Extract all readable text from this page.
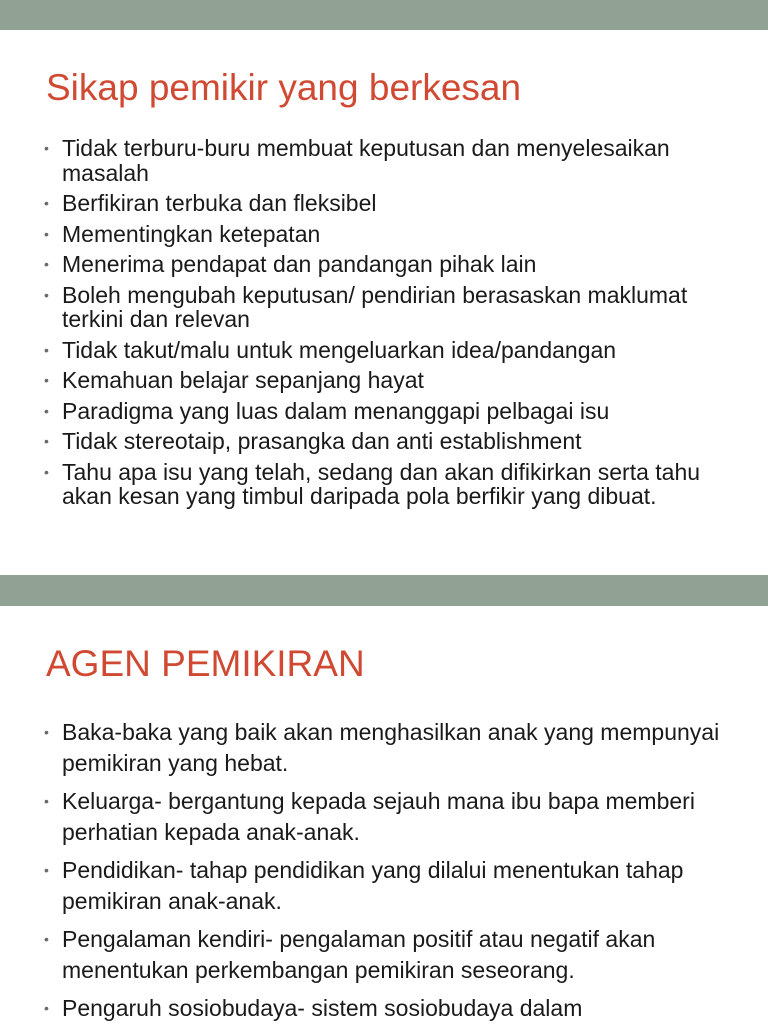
Sikap pemikir yang berkesan
• Tidak terburu-buru membuat keputusan dan menyelesaikan masalah
• Berfikiran terbuka dan fleksibel
• Mementingkan ketepatan
• Menerima pendapat dan pandangan pihak lain
• Boleh mengubah keputusan/ pendirian berasaskan maklumat terkini dan relevan
• Tidak takut/malu untuk mengeluarkan idea/pandangan
• Kemahuan belajar sepanjang hayat
• Paradigma yang luas dalam menanggapi pelbagai isu
• Tidak stereotaip, prasangka dan anti establishment
• Tahu apa isu yang telah, sedang dan akan difikirkan serta tahu akan kesan yang timbul daripada pola berfikir yang dibuat.
AGEN PEMIKIRAN
• Baka-baka yang baik akan menghasilkan anak yang mempunyai pemikiran yang hebat.
• Keluarga- bergantung kepada sejauh mana ibu bapa memberi perhatian kepada anak-anak.
• Pendidikan- tahap pendidikan yang dilalui menentukan tahap pemikiran anak-anak.
• Pengalaman kendiri- pengalaman positif atau negatif akan menentukan perkembangan pemikiran seseorang.
• Pengaruh sosiobudaya- sistem sosiobudaya dalam
